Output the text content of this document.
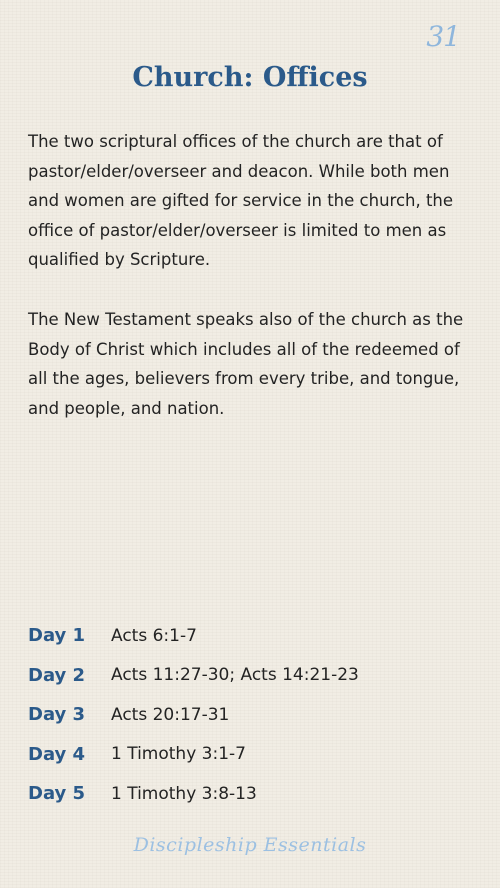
31
Church: Offices

The two scriptural offices of the church are that of pastor/elder/overseer and deacon. While both men and women are gifted for service in the church, the office of pastor/elder/overseer is limited to men as qualified by Scripture.

The New Testament speaks also of the church as the Body of Christ which includes all of the redeemed of all the ages, believers from every tribe, and tongue, and people, and nation.

Day 1	Acts 6:1-7
Day 2	Acts 11:27-30; Acts 14:21-23
Day 3	Acts 20:17-31
Day 4	1 Timothy 3:1-7
Day 5	1 Timothy 3:8-13
Discipleship Essentials
